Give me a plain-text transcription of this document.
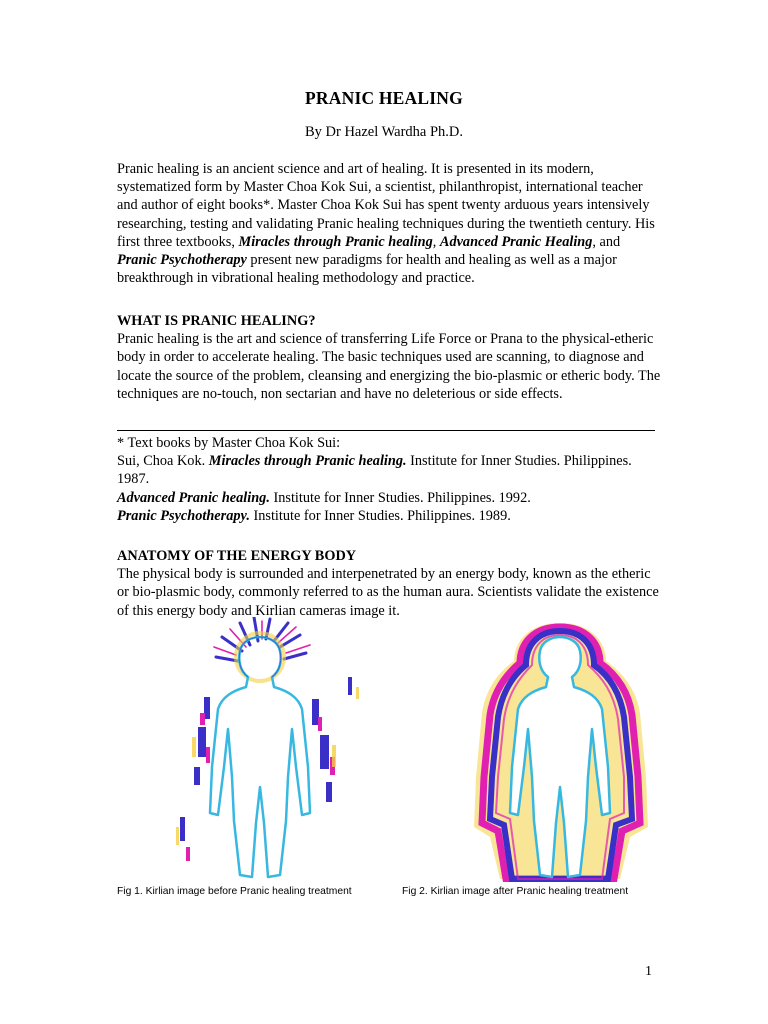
PRANIC HEALING
By Dr Hazel Wardha Ph.D.

Pranic healing is an ancient science and art of healing. It is presented in its modern, systematized form by Master Choa Kok Sui, a scientist, philanthropist, international teacher and author of eight books*. Master Choa Kok Sui has spent twenty arduous years intensively researching, testing and validating Pranic healing techniques during the twentieth century. His first three textbooks, Miracles through Pranic healing, Advanced Pranic Healing, and Pranic Psychotherapy present new paradigms for health and healing as well as a major breakthrough in vibrational healing methodology and practice.

WHAT IS PRANIC HEALING?

Pranic healing is the art and science of transferring Life Force or Prana to the physical-etheric body in order to accelerate healing. The basic techniques used are scanning, to diagnose and locate the source of the problem, cleansing and energizing the bio-plasmic or etheric body. The techniques are no-touch, non sectarian and have no deleterious or side effects.

* Text books by Master Choa Kok Sui:

Sui, Choa Kok. Miracles through Pranic healing. Institute for Inner Studies. Philippines. 1987.

Advanced Pranic healing. Institute for Inner Studies. Philippines. 1992.

Pranic Psychotherapy. Institute for Inner Studies. Philippines. 1989.

ANATOMY OF THE ENERGY BODY

The physical body is surrounded and interpenetrated by an energy body, known as the etheric or bio-plasmic body, commonly referred to as the human aura. Scientists validate the existence of this energy body and Kirlian cameras image it.

Fig 1. Kirlian image before Pranic healing treatment	Fig 2. Kirlian image after Pranic healing treatment
1
